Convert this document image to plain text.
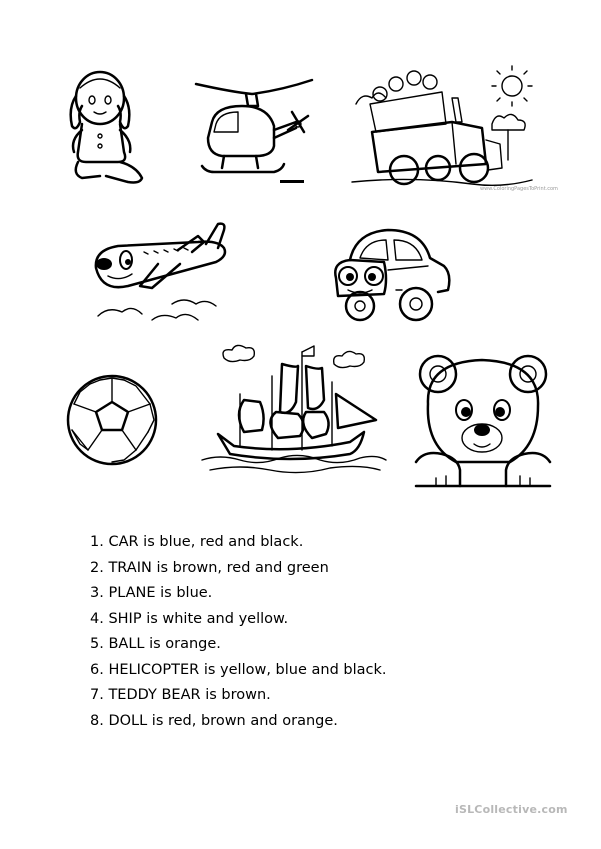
www.ColoringPagesToPrint.com
1. CAR is blue, red and black.
2. TRAIN is brown, red and green
3. PLANE is blue.
4. SHIP is white and yellow.
5. BALL is orange.
6. HELICOPTER is yellow, blue and black.
7. TEDDY BEAR is brown.
8. DOLL is red, brown and orange.
iSLCollective.com
